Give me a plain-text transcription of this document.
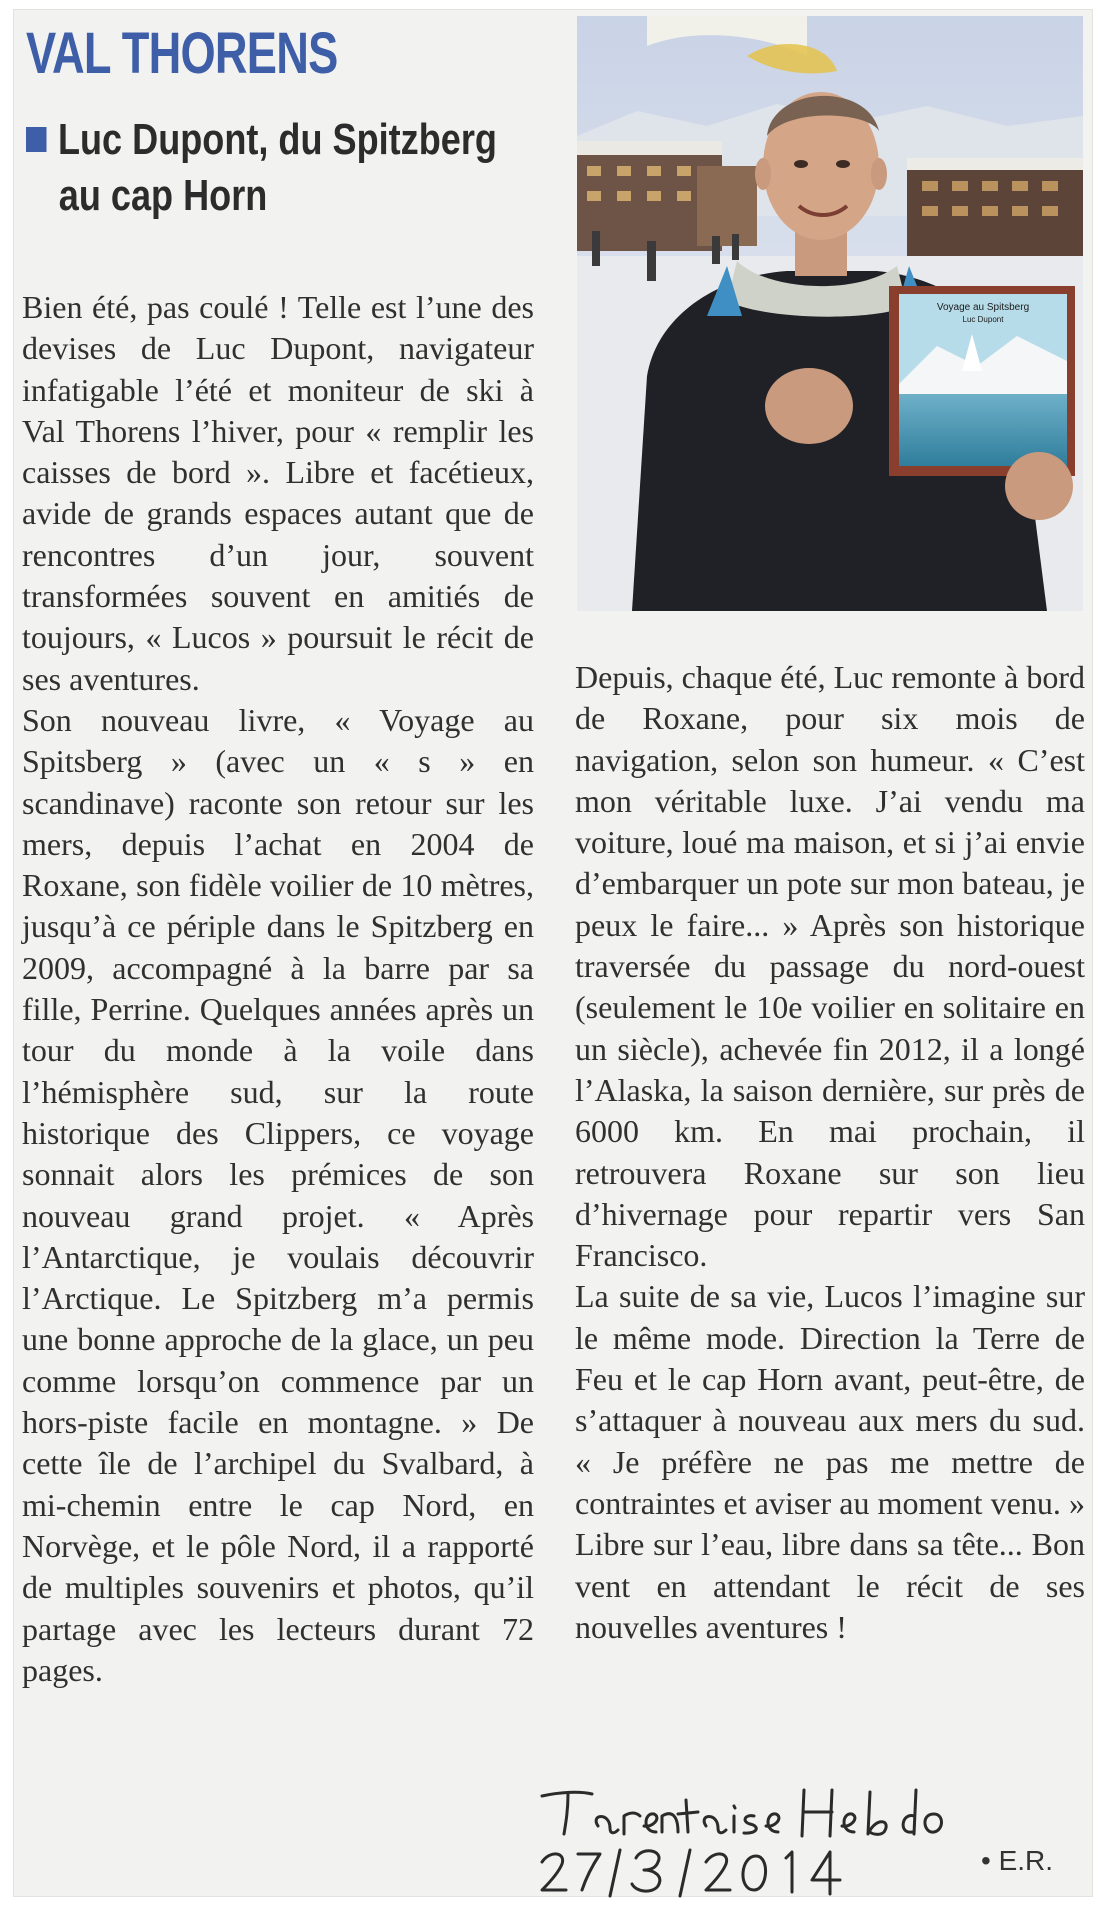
VAL THORENS
Luc Dupont, du Spitzberg
au cap Horn
Voyage au Spitsberg
Luc Dupont

Bien été, pas coulé ! Telle est l’une des devises de Luc Dupont, navigateur infatigable l’été et moniteur de ski à Val Thorens l’hiver, pour « remplir les caisses de bord ». Libre et facétieux, avide de grands espaces autant que de rencontres d’un jour, souvent transformées souvent en amitiés de toujours, « Lucos » poursuit le récit de ses aventures.

Son nouveau livre, « Voyage au Spitsberg » (avec un « s » en scandinave) raconte son retour sur les mers, depuis l’achat en 2004 de Roxane, son fidèle voilier de 10 mètres, jusqu’à ce périple dans le Spitzberg en 2009, accompagné à la barre par sa fille, Perrine. Quelques années après un tour du monde à la voile dans l’hémisphère sud, sur la route historique des Clippers, ce voyage sonnait alors les prémices de son nouveau grand projet. « Après l’Antarctique, je voulais découvrir l’Arctique. Le Spitzberg m’a permis une bonne approche de la glace, un peu comme lorsqu’on commence par un hors-piste facile en montagne. » De cette île de l’archipel du Svalbard, à mi-chemin entre le cap Nord, en Norvège, et le pôle Nord, il a rapporté de multiples souvenirs et photos, qu’il partage avec les lecteurs durant 72 pages.

Depuis, chaque été, Luc remonte à bord de Roxane, pour six mois de navigation, selon son humeur. « C’est mon véritable luxe. J’ai vendu ma voiture, loué ma maison, et si j’ai envie d’embarquer un pote sur mon bateau, je peux le faire... » Après son historique traversée du passage du nord-ouest (seulement le 10e voilier en solitaire en un siècle), achevée fin 2012, il a longé l’Alaska, la saison dernière, sur près de 6000 km. En mai prochain, il retrouvera Roxane sur son lieu d’hivernage pour repartir vers San Francisco.

La suite de sa vie, Lucos l’imagine sur le même mode. Direction la Terre de Feu et le cap Horn avant, peut-être, de s’attaquer à nouveau aux mers du sud. « Je préfère ne pas me mettre de contraintes et aviser au moment venu. » Libre sur l’eau, libre dans sa tête... Bon vent en attendant le récit de ses nouvelles aventures !

• E.R.
